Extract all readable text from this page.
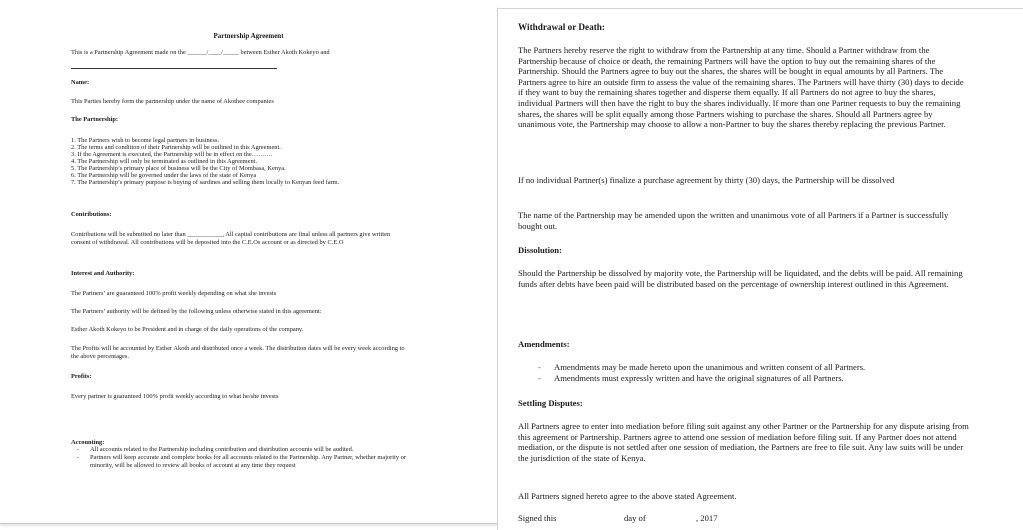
Partnership Agreement
This is a Partnership Agreement made on the ______/____/_____ between Esther Akoth Kokeyo and
Name:
This Parties hereby form the partnership under the name of Akothee companies
The Partnership:
1. The Partners wish to become legal partners in business.
2. The terms and condition of their Partnership will be outlined in this Agreement.
3. If the Agreement is executed, the Partnership will be in effect on the……….
4. The Partnership will only be terminated as outlined in this Agreement.
5. The Partnership’s primary place of business will be the City of Mombasa, Kenya.
6. The Partnership will be governed under the laws of the state of Kenya
7. The Partnership’s primary purpose is buying of sardines and selling them locally to Kenyan feed farm.
Contributions:
Contributions will be submitted no later than ___________, All capital contributions are final unless all partners give written consent of withdrawal. All contributions will be deposited into the C.E.Os account or as directed by C.E.O
Interest and Authority:
The Partners’ are guaranteed 100% profit weekly depending on what she invests
The Partners’ authority will be defined by the following unless otherwise stated in this agreement:
Esther Akoth Kokeyo to be President and in charge of the daily operations of the company.
The Profits will be accounted by Esther Akoth and distributed once a week. The distribution dates will be every week according to the above percentages.
Profits:
Every partner is guaranteed 100% profit weekly according to what he/she invests
Accounting:
- All accounts related to the Partnership including contribution and distribution accounts will be audited.
- Partners will keep accurate and complete books for all accounts related to the Partnership. Any Partner, whether majority or minority, will be allowed to review all books of account at any time they request
Withdrawal or Death:
The Partners hereby reserve the right to withdraw from the Partnership at any time. Should a Partner withdraw from the Partnership because of choice or death, the remaining Partners will have the option to buy out the remaining shares of the Partnership. Should the Partners agree to buy out the shares, the shares will be bought in equal amounts by all Partners. The Partners agree to hire an outside firm to assess the value of the remaining shares. The Partners will have thirty (30) days to decide if they want to buy the remaining shares together and disperse them equally. If all Partners do not agree to buy the shares, individual Partners will then have the right to buy the shares individually. If more than one Partner requests to buy the remaining shares, the shares will be split equally among those Partners wishing to purchase the shares. Should all Partners agree by unanimous vote, the Partnership may choose to allow a non-Partner to buy the shares thereby replacing the previous Partner.
If no individual Partner(s) finalize a purchase agreement by thirty (30) days, the Partnership will be dissolved
The name of the Partnership may be amended upon the written and unanimous vote of all Partners if a Partner is successfully bought out.
Dissolution:
Should the Partnership be dissolved by majority vote, the Partnership will be liquidated, and the debts will be paid. All remaining funds after debts have been paid will be distributed based on the percentage of ownership interest outlined in this Agreement.
Amendments:
- Amendments may be made hereto upon the unanimous and written consent of all Partners.
- Amendments must expressly written and have the original signatures of all Partners.
Settling Disputes:
All Partners agree to enter into mediation before filing suit against any other Partner or the Partnership for any dispute arising from this agreement or Partnership. Partners agree to attend one session of mediation before filing suit. If any Partner does not attend mediation, or the dispute is not settled after one session of mediation, the Partners are free to file suit. Any law suits will be under the jurisdiction of the state of Kenya.
All Partners signed hereto agree to the above stated Agreement.
Signed this	day of	, 2017
